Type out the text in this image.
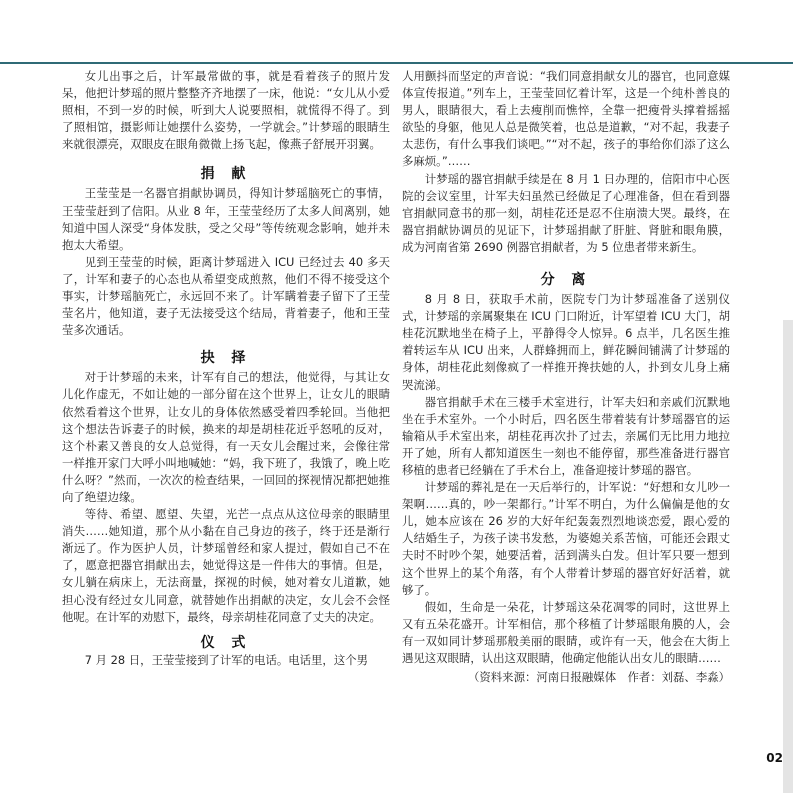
女儿出事之后，计军最常做的事，就是看着孩子的照片发呆，他把计梦瑶的照片整整齐齐地摆了一床，他说：“女儿从小爱照相，不到一岁的时候，听到大人说要照相，就慌得不得了。到了照相馆，摄影师让她摆什么姿势，一学就会。”计梦瑶的眼睛生来就很漂亮，双眼皮在眼角微微上扬飞起，像燕子舒展开羽翼。

捐 献

王莹莹是一名器官捐献协调员，得知计梦瑶脑死亡的事情，王莹莹赶到了信阳。从业 8 年，王莹莹经历了太多人间离别，她知道中国人深受“身体发肤，受之父母”等传统观念影响，她并未抱太大希望。

见到王莹莹的时候，距离计梦瑶进入 ICU 已经过去 40 多天了，计军和妻子的心态也从希望变成煎熬，他们不得不接受这个事实，计梦瑶脑死亡，永远回不来了。计军瞒着妻子留下了王莹莹名片，他知道，妻子无法接受这个结局，背着妻子，他和王莹莹多次通话。

抉 择

对于计梦瑶的未来，计军有自己的想法，他觉得，与其让女儿化作虚无，不如让她的一部分留在这个世界上，让女儿的眼睛依然看着这个世界，让女儿的身体依然感受着四季轮回。当他把这个想法告诉妻子的时候，换来的却是胡桂花近乎怒吼的反对，这个朴素又善良的女人总觉得，有一天女儿会醒过来，会像往常一样推开家门大呼小叫地喊她：“妈，我下班了，我饿了，晚上吃什么呀？”然而，一次次的检查结果，一回回的探视情况都把她推向了绝望边缘。

等待、希望、愿望、失望，光芒一点点从这位母亲的眼睛里消失……她知道，那个从小黏在自己身边的孩子，终于还是渐行渐远了。作为医护人员，计梦瑶曾经和家人提过，假如自己不在了，愿意把器官捐献出去，她觉得这是一件伟大的事情。但是，女儿躺在病床上，无法商量，探视的时候，她对着女儿道歉，她担心没有经过女儿同意，就替她作出捐献的决定，女儿会不会怪他呢。在计军的劝慰下，最终，母亲胡桂花同意了丈夫的决定。

仪 式

7 月 28 日，王莹莹接到了计军的电话。电话里，这个男

人用颤抖而坚定的声音说：“我们同意捐献女儿的器官，也同意媒体宣传报道。”列车上，王莹莹回忆着计军，这是一个纯朴善良的男人，眼睛很大，看上去瘦削而憔悴，全靠一把瘦骨头撑着摇摇欲坠的身躯，他见人总是微笑着，也总是道歉，“对不起，我妻子太悲伤，有什么事我们谈吧。”“对不起，孩子的事给你们添了这么多麻烦。”……

计梦瑶的器官捐献手续是在 8 月 1 日办理的，信阳市中心医院的会议室里，计军夫妇虽然已经做足了心理准备，但在看到器官捐献同意书的那一刻，胡桂花还是忍不住崩溃大哭。最终，在器官捐献协调员的见证下，计梦瑶捐献了肝脏、肾脏和眼角膜，成为河南省第 2690 例器官捐献者，为 5 位患者带来新生。

分 离

8 月 8 日，获取手术前，医院专门为计梦瑶准备了送别仪式，计梦瑶的亲属聚集在 ICU 门口附近，计军望着 ICU 大门，胡桂花沉默地坐在椅子上，平静得令人惊异。6 点半，几名医生推着转运车从 ICU 出来，人群蜂拥而上，鲜花瞬间铺满了计梦瑶的身体，胡桂花此刻像疯了一样推开搀扶她的人，扑到女儿身上痛哭流涕。

器官捐献手术在三楼手术室进行，计军夫妇和亲戚们沉默地坐在手术室外。一个小时后，四名医生带着装有计梦瑶器官的运输箱从手术室出来，胡桂花再次扑了过去，亲属们无比用力地拉开了她，所有人都知道医生一刻也不能停留，那些准备进行器官移植的患者已经躺在了手术台上，准备迎接计梦瑶的器官。

计梦瑶的葬礼是在一天后举行的，计军说：“好想和女儿吵一架啊……真的，吵一架都行。”计军不明白，为什么偏偏是他的女儿，她本应该在 26 岁的大好年纪轰轰烈烈地谈恋爱，跟心爱的人结婚生子，为孩子读书发愁，为婆媳关系苦恼，可能还会跟丈夫时不时吵个架，她要活着，活到满头白发。但计军只要一想到这个世界上的某个角落，有个人带着计梦瑶的器官好好活着，就够了。

假如，生命是一朵花，计梦瑶这朵花凋零的同时，这世界上又有五朵花盛开。计军相信，那个移植了计梦瑶眼角膜的人，会有一双如同计梦瑶那般美丽的眼睛，或许有一天，他会在大街上遇见这双眼睛，认出这双眼睛，他确定他能认出女儿的眼睛……

（资料来源：河南日报融媒体　作者：刘磊、李淼）

02
